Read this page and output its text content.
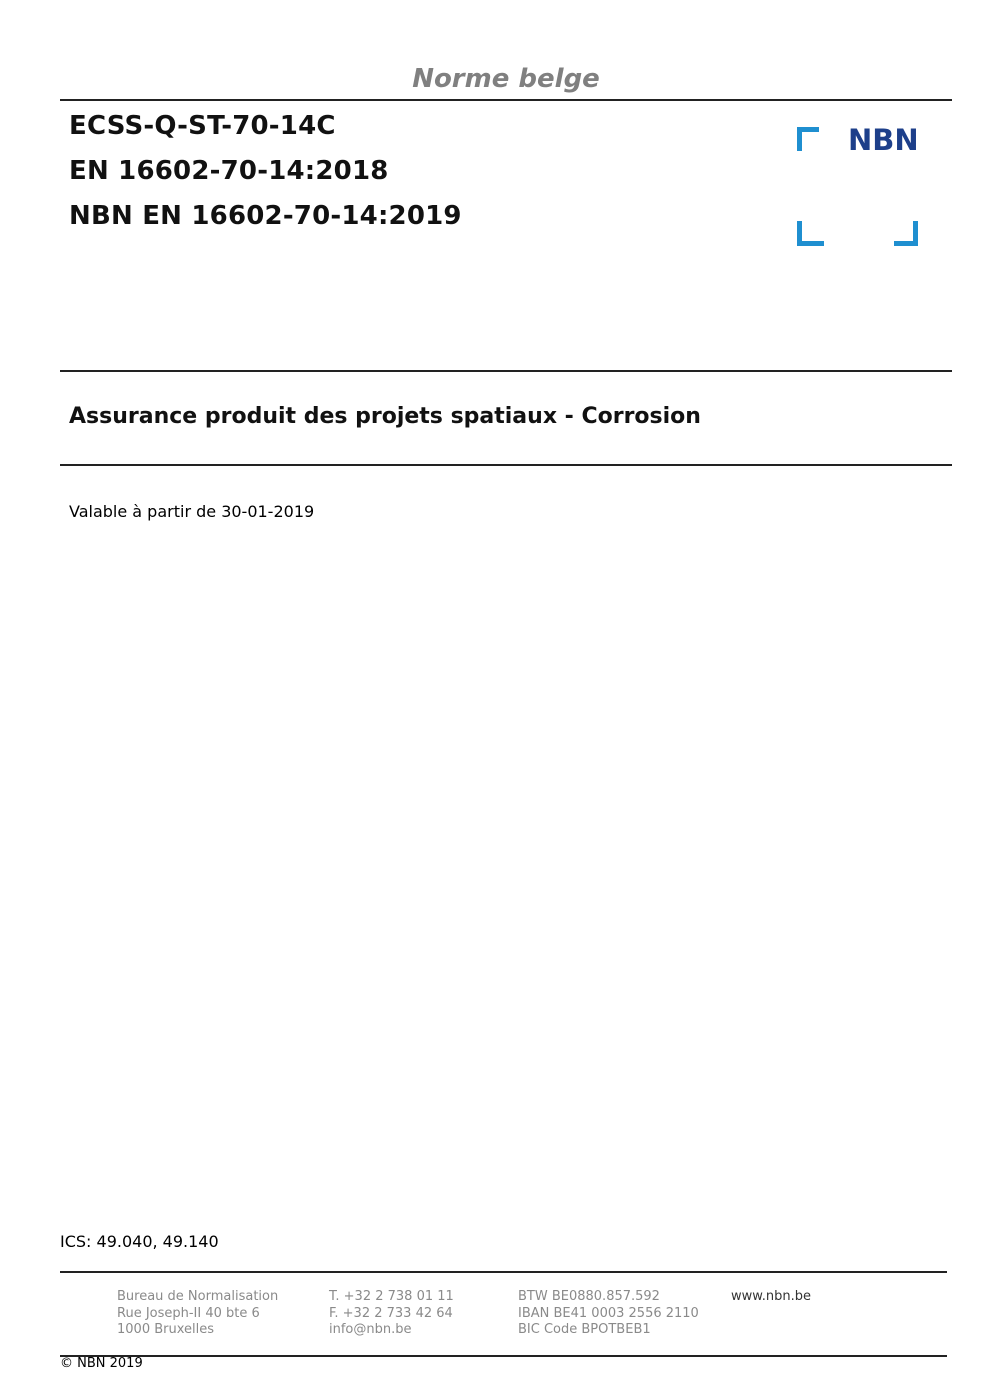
Norme belge
ECSS-Q-ST-70-14C
EN 16602-70-14:2018
NBN EN 16602-70-14:2019
NBN
Assurance produit des projets spatiaux - Corrosion
Valable à partir de 30-01-2019
ICS: 49.040, 49.140
Bureau de Normalisation
Rue Joseph-II 40 bte 6
1000 Bruxelles
T. +32 2 738 01 11
F. +32 2 733 42 64
info@nbn.be
BTW BE0880.857.592
IBAN BE41 0003 2556 2110
BIC Code BPOTBEB1
www.nbn.be
© NBN 2019
